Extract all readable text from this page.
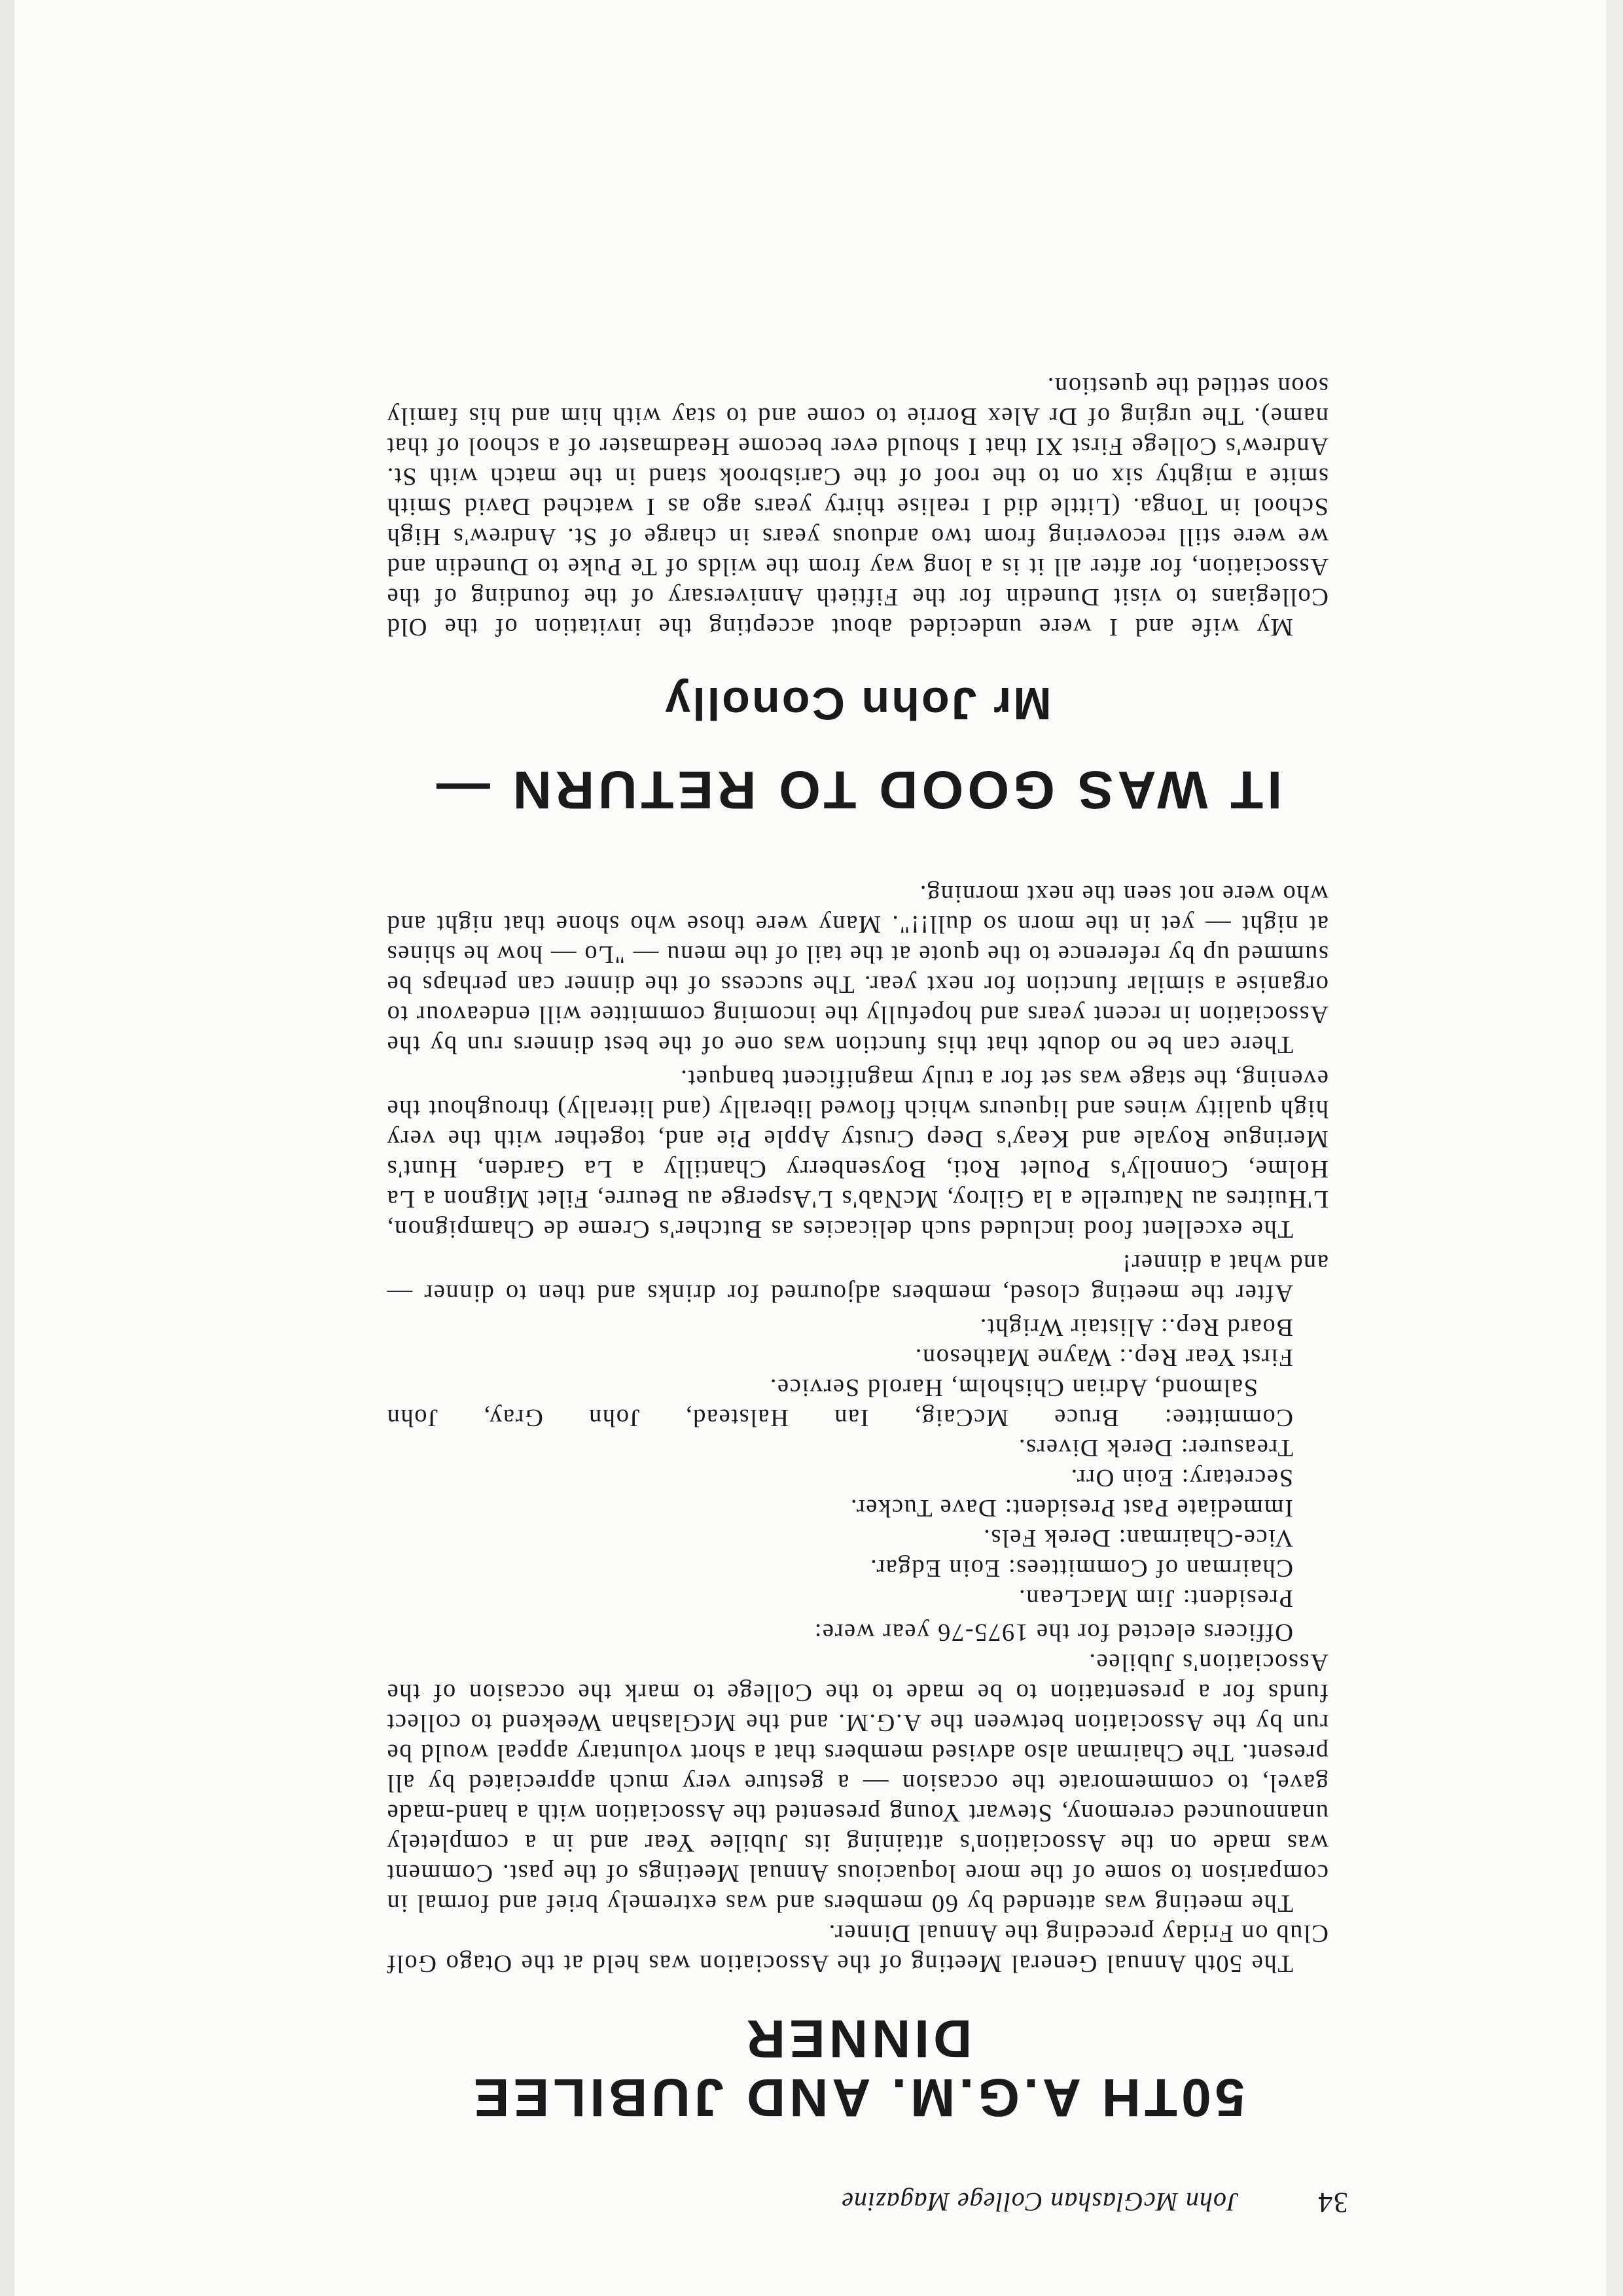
34
John McGlashan College Magazine
50TH A.G.M. AND JUBILEE DINNER

The 50th Annual General Meeting of the Association was held at the Otago Golf Club on Friday preceding the Annual Dinner.

The meeting was attended by 60 members and was extremely brief and formal in comparison to some of the more loquacious Annual Meetings of the past. Comment was made on the Association's attaining its Jubilee Year and in a completely unannounced ceremony, Stewart Young presented the Association with a hand-made gavel, to commemorate the occasion — a gesture very much appreciated by all present. The Chairman also advised members that a short voluntary appeal would be run by the Association between the A.G.M. and the McGlashan Weekend to collect funds for a presentation to be made to the College to mark the occasion of the Association's Jubilee.

Officers elected for the 1975-76 year were:

President: Jim MacLean.
Chairman of Committees: Eoin Edgar.
Vice-Chairman: Derek Fels.
Immediate Past President: Dave Tucker.
Secretary: Eoin Orr.
Treasurer: Derek Divers.
Committee: Bruce McCaig, Ian Halstead, John Gray, John
Salmond, Adrian Chisholm, Harold Service.
First Year Rep.: Wayne Matheson.
Board Rep.: Alistair Wright.

After the meeting closed, members adjourned for drinks and then to dinner — and what a dinner!

The excellent food included such delicacies as Butcher's Creme de Champignon, L'Huitres au Naturelle a la Gilroy, McNab's L'Asperge au Beurre, Filet Mignon a La Holme, Connolly's Poulet Roti, Boysenberry Chantilly a La Garden, Hunt's Meringue Royale and Keay's Deep Crusty Apple Pie and, together with the very high quality wines and liqueurs which flowed liberally (and literally) throughout the evening, the stage was set for a truly magnificent banquet.

There can be no doubt that this function was one of the best dinners run by the Association in recent years and hopefully the incoming committee will endeavour to organise a similar function for next year. The success of the dinner can perhaps be summed up by reference to the quote at the tail of the menu — "Lo — how he shines at night — yet in the morn so dull!!". Many were those who shone that night and who were not seen the next morning.

IT WAS GOOD TO RETURN —
Mr John Conolly

My wife and I were undecided about accepting the invitation of the Old Collegians to visit Dunedin for the Fiftieth Anniversary of the founding of the Association, for after all it is a long way from the wilds of Te Puke to Dunedin and we were still recovering from two arduous years in charge of St. Andrew's High School in Tonga. (Little did I realise thirty years ago as I watched David Smith smite a mighty six on to the roof of the Carisbrook stand in the match with St. Andrew's College First XI that I should ever become Headmaster of a school of that name). The urging of Dr Alex Borrie to come and to stay with him and his family soon settled the question.
